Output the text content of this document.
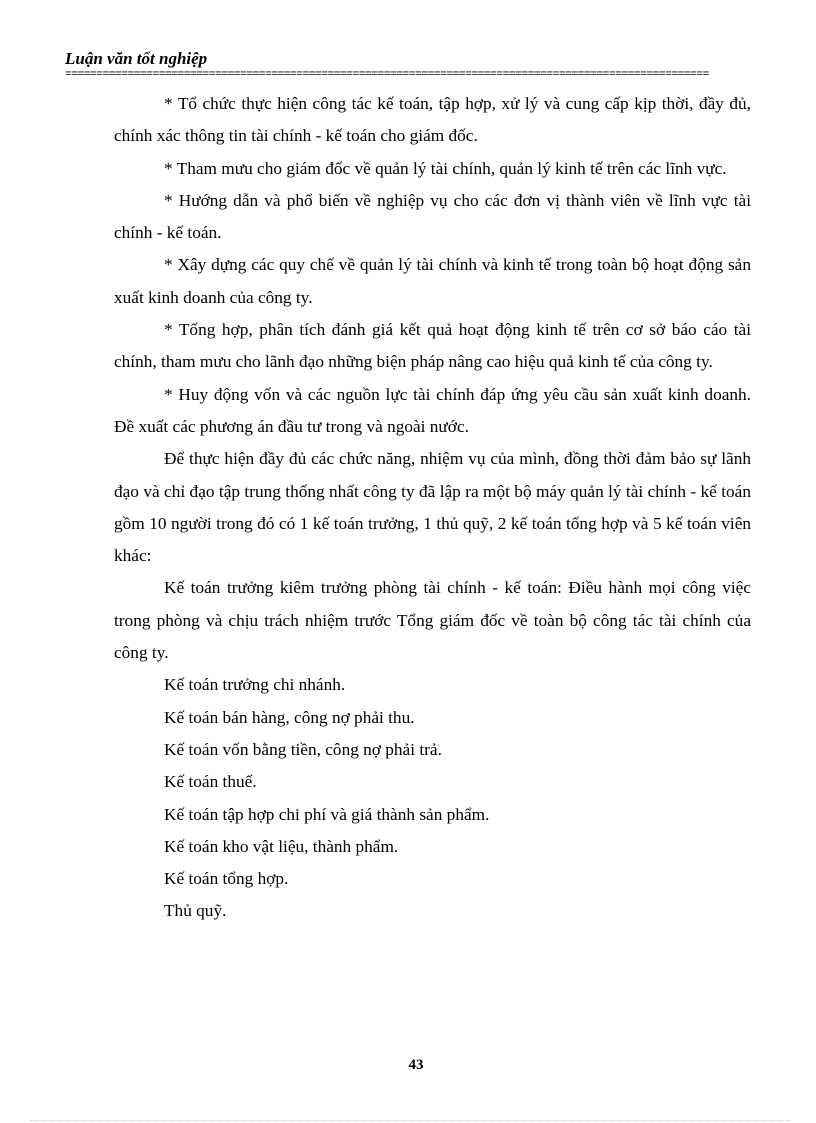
Luận văn tốt nghiệp
=======================================================================================================

* Tổ chức thực hiện công tác kế toán, tập hợp, xử lý và cung cấp kịp thời, đầy đủ, chính xác thông tin tài chính - kế toán cho giám đốc.

* Tham mưu cho giám đốc về quản lý tài chính, quản lý kinh tế trên các lĩnh vực.

* Hướng dẫn và phổ biến về nghiệp vụ cho các đơn vị thành viên về lĩnh vực tài chính - kế toán.

* Xây dựng các quy chế về quản lý tài chính và kinh tế trong toàn bộ hoạt động sản xuất kinh doanh của công ty.

* Tổng hợp, phân tích đánh giá kết quả hoạt động kinh tế trên cơ sở báo cáo tài chính, tham mưu cho lãnh đạo những biện pháp nâng cao hiệu quả kinh tế của công ty.

* Huy động vốn và các nguồn lực tài chính đáp ứng yêu cầu sản xuất kinh doanh. Đề xuất các phương án đầu tư trong và ngoài nước.

Để thực hiện đầy đủ các chức năng, nhiệm vụ của mình, đồng thời đảm bảo sự lãnh đạo và chỉ đạo tập trung thống nhất công ty đã lập ra một bộ máy quản lý tài chính - kế toán gồm 10 người trong đó có 1 kế toán trưởng, 1 thủ quỹ, 2 kế toán tổng hợp và 5 kế toán viên khác:

Kế toán trưởng kiêm trưởng phòng tài chính - kế toán: Điều hành mọi công việc trong phòng và chịu trách nhiệm trước Tổng giám đốc về toàn bộ công tác tài chính của công ty.

Kế toán trưởng chi nhánh.

Kế toán bán hàng, công nợ phải thu.

Kế toán vốn bằng tiền, công nợ phải trả.

Kế toán thuế.

Kế toán tập hợp chi phí và giá thành sản phẩm.

Kế toán kho vật liệu, thành phẩm.

Kế toán tổng hợp.

Thủ quỹ.

43
